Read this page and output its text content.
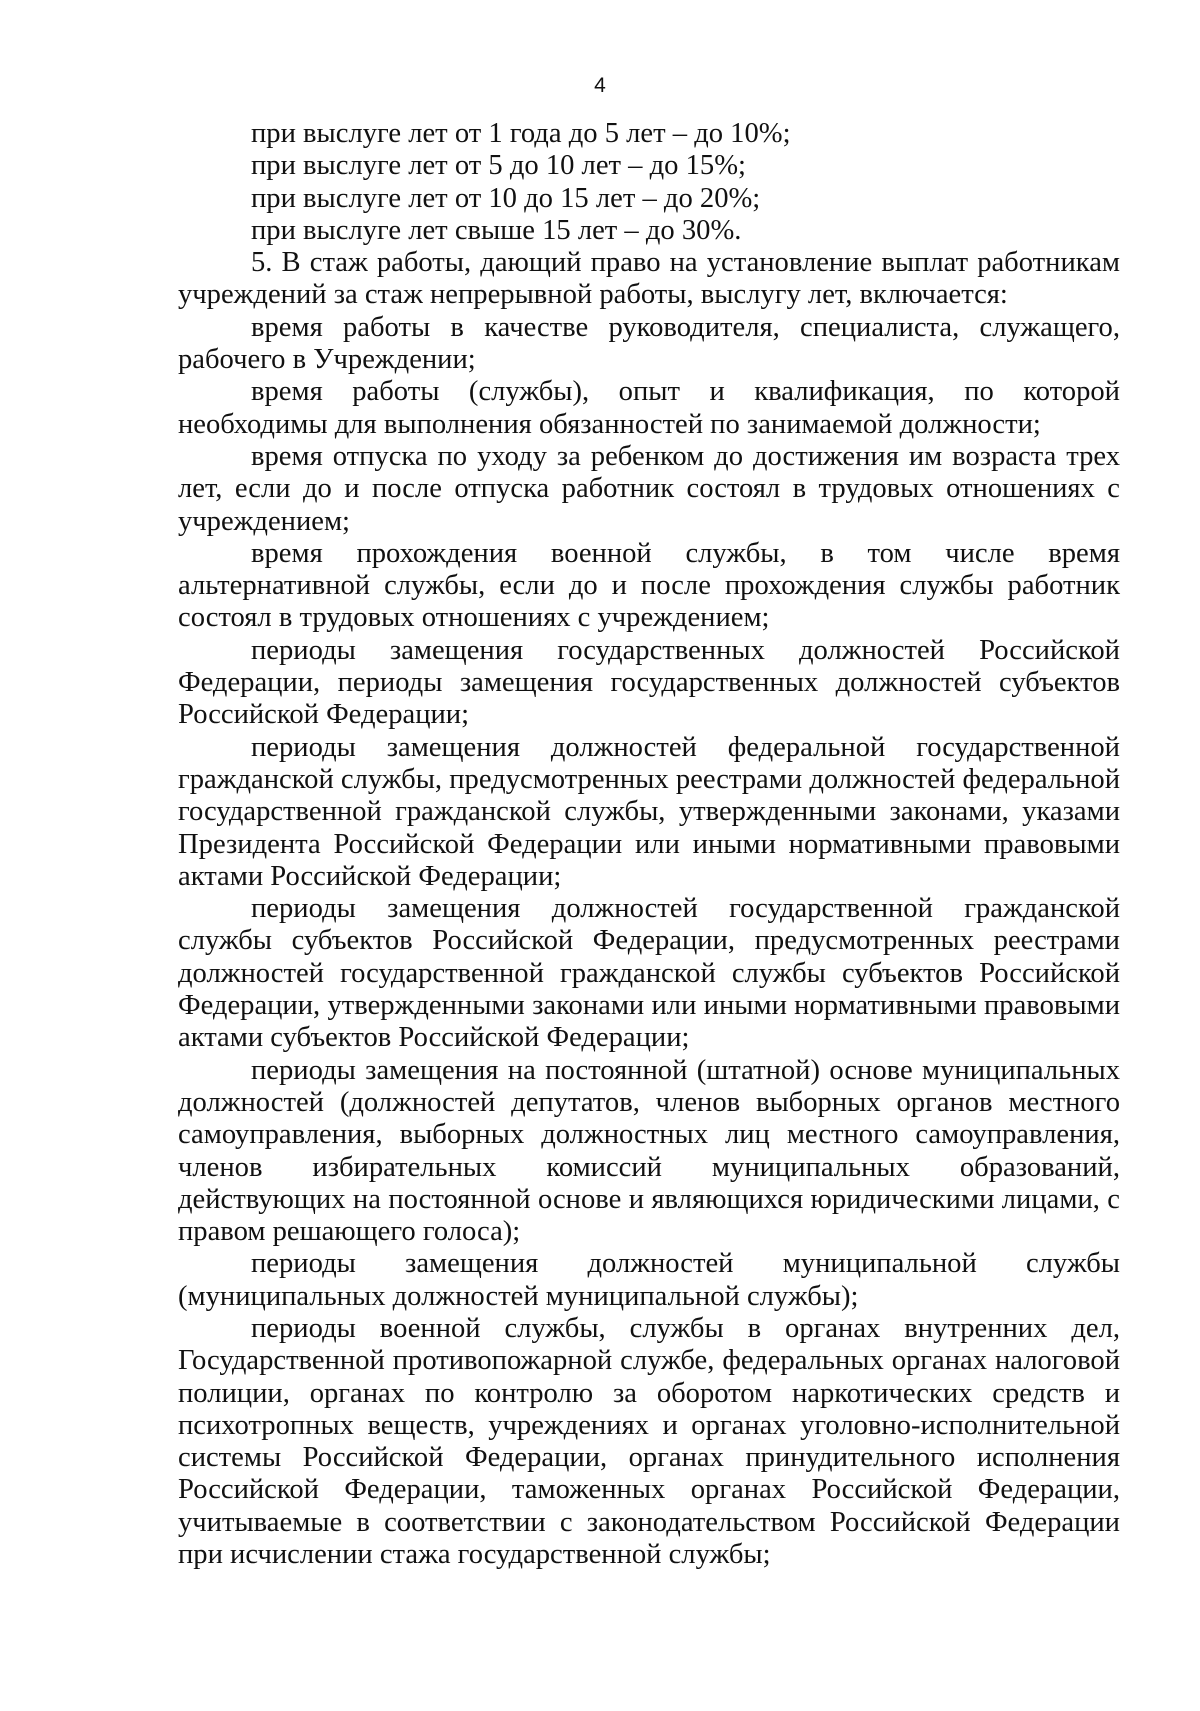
4

при выслуге лет от 1 года до 5 лет – до 10%;

при выслуге лет от 5 до 10 лет – до 15%;

при выслуге лет от 10 до 15 лет – до 20%;

при выслуге лет свыше 15 лет – до 30%.

5. В стаж работы, дающий право на установление выплат работникам учреждений за стаж непрерывной работы, выслугу лет, включается:

время работы в качестве руководителя, специалиста, служащего, рабочего в Учреждении;

время работы (службы), опыт и квалификация, по которой необходимы для выполнения обязанностей по занимаемой должности;

время отпуска по уходу за ребенком до достижения им возраста трех лет, если до и после отпуска работник состоял в трудовых отношениях с учреждением;

время прохождения военной службы, в том числе время альтернативной службы, если до и после прохождения службы работник состоял в трудовых отношениях с учреждением;

периоды замещения государственных должностей Российской Федерации, периоды замещения государственных должностей субъектов Российской Федерации;

периоды замещения должностей федеральной государственной гражданской службы, предусмотренных реестрами должностей федеральной государственной гражданской службы, утвержденными законами, указами Президента Российской Федерации или иными нормативными правовыми актами Российской Федерации;

периоды замещения должностей государственной гражданской службы субъектов Российской Федерации, предусмотренных реестрами должностей государственной гражданской службы субъектов Российской Федерации, утвержденными законами или иными нормативными правовыми актами субъектов Российской Федерации;

периоды замещения на постоянной (штатной) основе муниципальных должностей (должностей депутатов, членов выборных органов местного самоуправления, выборных должностных лиц местного самоуправления, членов избирательных комиссий муниципальных образований, действующих на постоянной основе и являющихся юридическими лицами, с правом решающего голоса);

периоды замещения должностей муниципальной службы (муниципальных должностей муниципальной службы);

периоды военной службы, службы в органах внутренних дел, Государственной противопожарной службе, федеральных органах налоговой полиции, органах по контролю за оборотом наркотических средств и психотропных веществ, учреждениях и органах уголовно-исполнительной системы Российской Федерации, органах принудительного исполнения Российской Федерации, таможенных органах Российской Федерации, учитываемые в соответствии с законодательством Российской Федерации при исчислении стажа государственной службы;
